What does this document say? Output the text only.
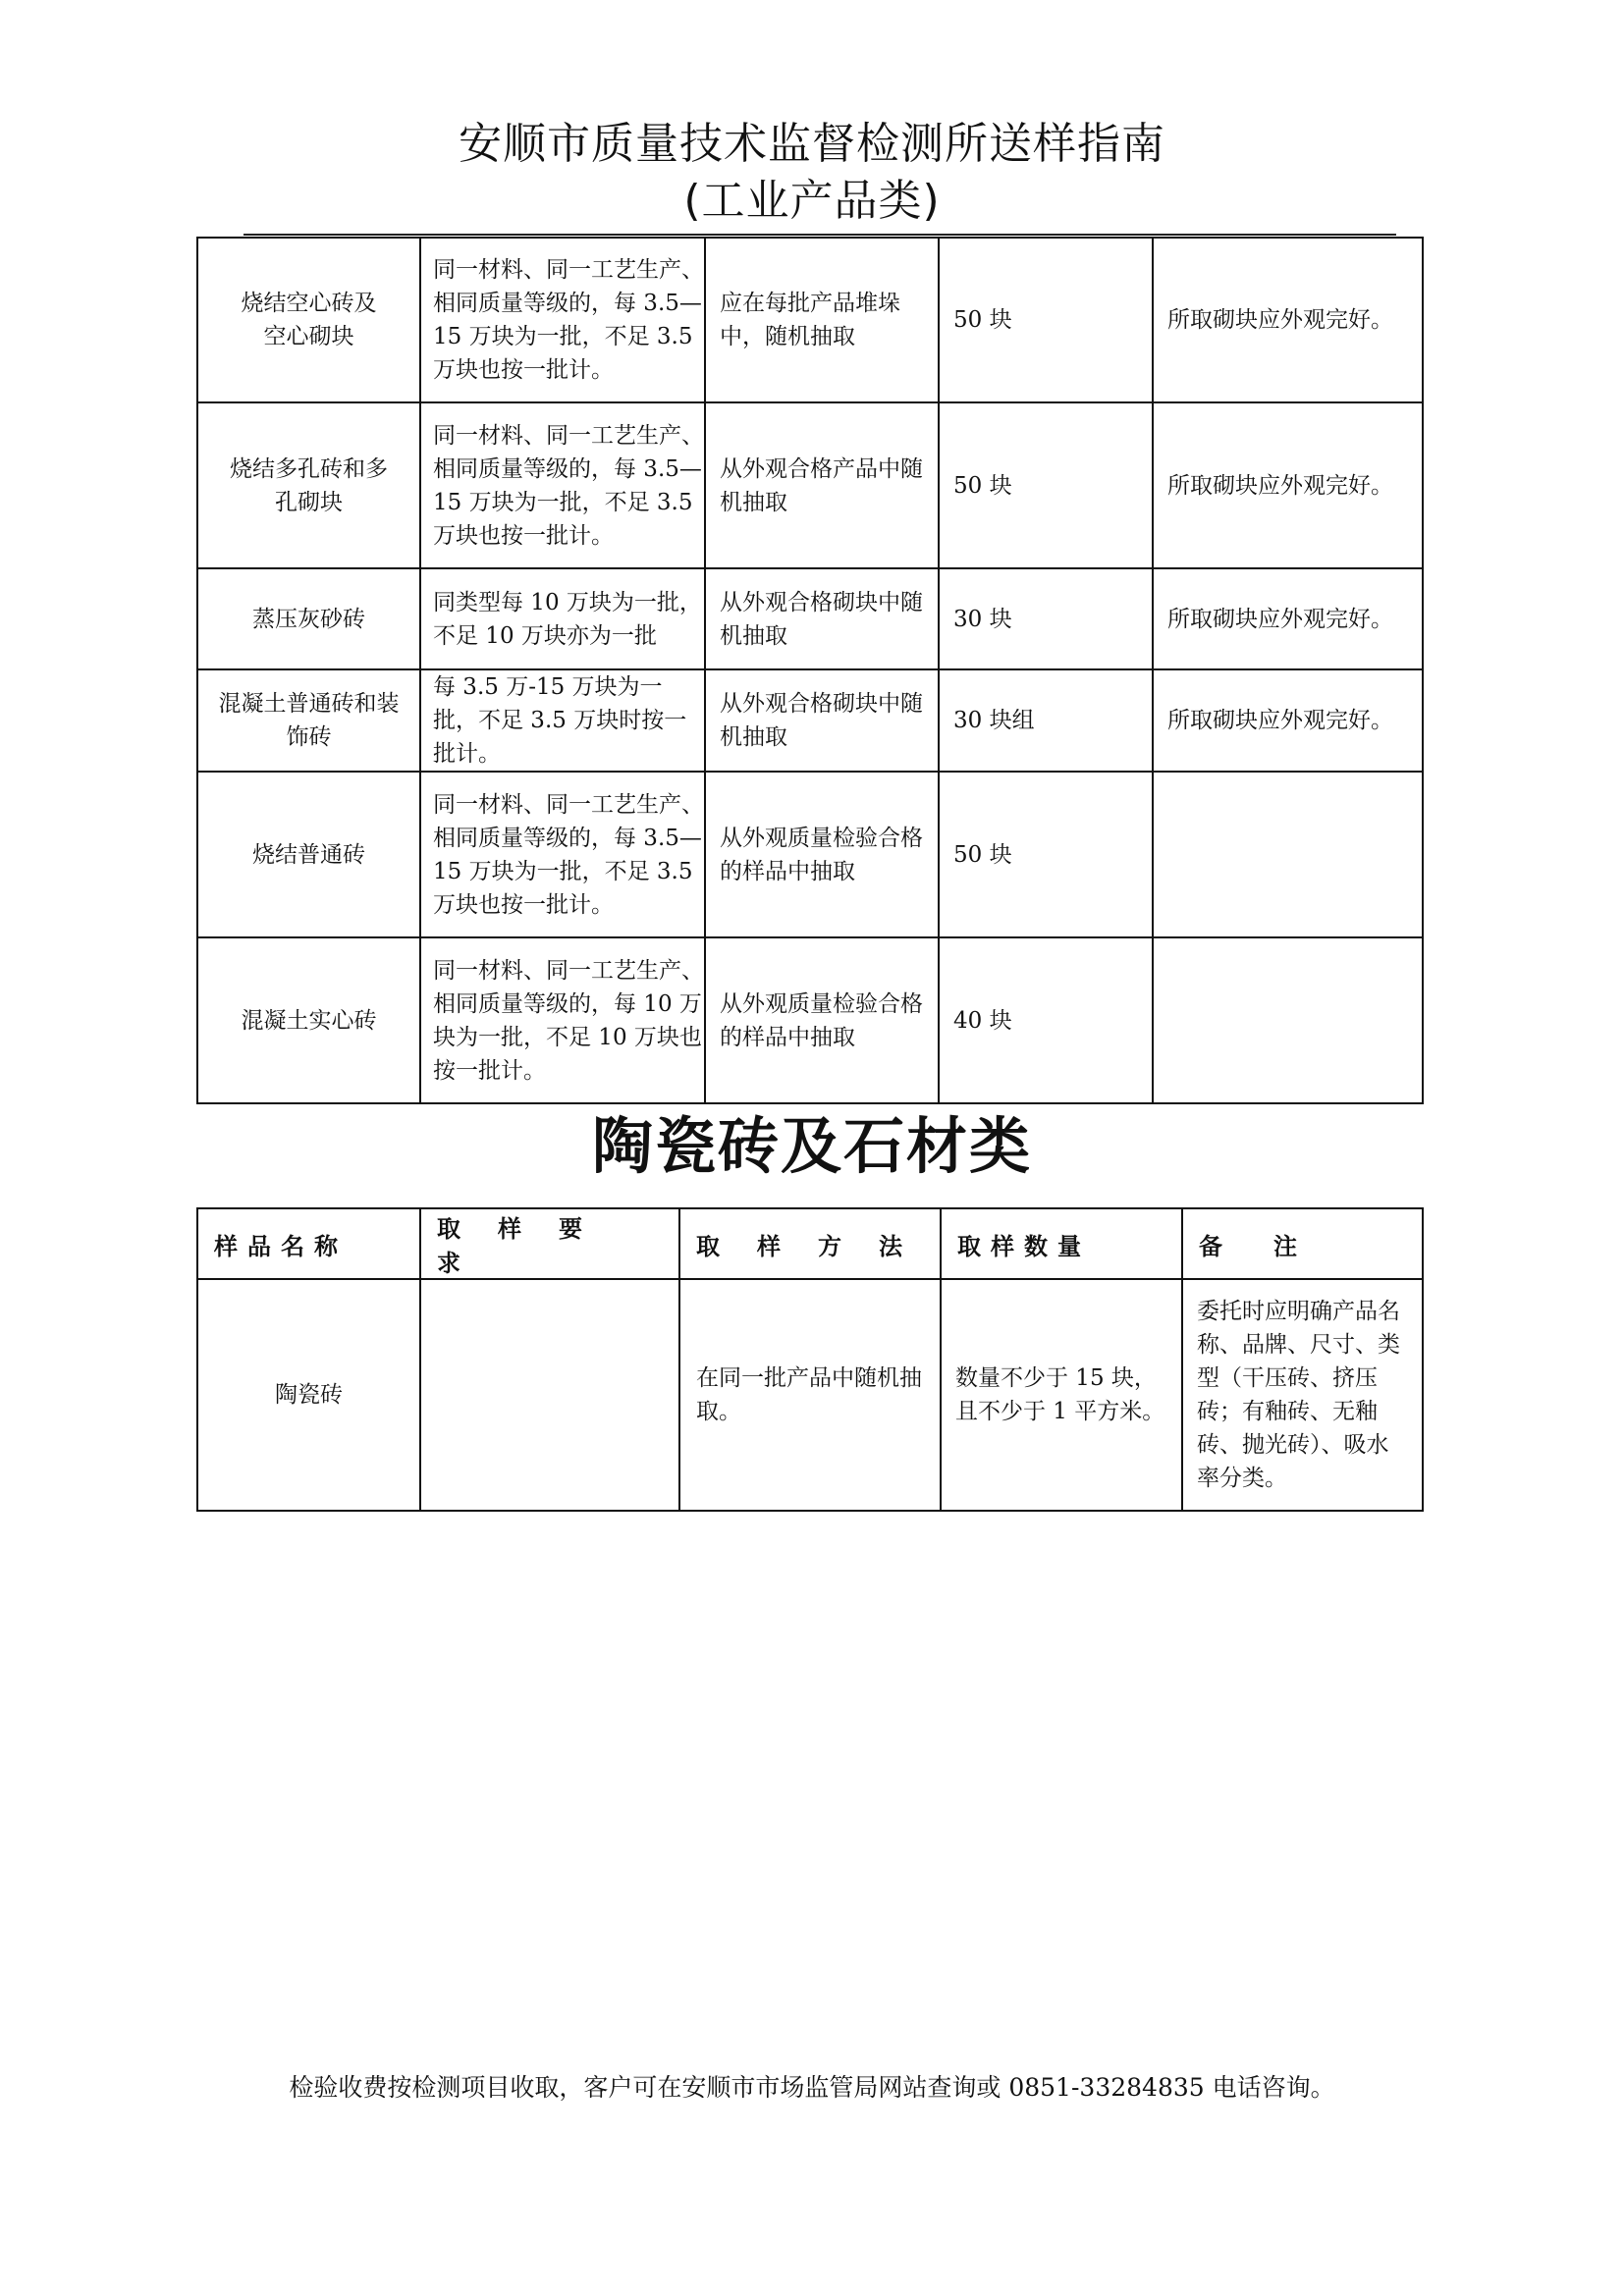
安顺市质量技术监督检测所送样指南
(工业产品类)
烧结空心砖及空心砌块	同一材料、同一工艺生产、相同质量等级的，每 3.5—15 万块为一批，不足 3.5 万块也按一批计。	应在每批产品堆垛中，随机抽取	50 块	所取砌块应外观完好。
烧结多孔砖和多孔砌块	同一材料、同一工艺生产、相同质量等级的，每 3.5—15 万块为一批，不足 3.5 万块也按一批计。	从外观合格产品中随机抽取	50 块	所取砌块应外观完好。
蒸压灰砂砖	同类型每 10 万块为一批，不足 10 万块亦为一批	从外观合格砌块中随机抽取	30 块	所取砌块应外观完好。
混凝土普通砖和装饰砖	每 3.5 万-15 万块为一批，不足 3.5 万块时按一批计。	从外观合格砌块中随机抽取	30 块组	所取砌块应外观完好。
烧结普通砖	同一材料、同一工艺生产、相同质量等级的，每 3.5—15 万块为一批，不足 3.5 万块也按一批计。	从外观质量检验合格的样品中抽取	50 块	
混凝土实心砖	同一材料、同一工艺生产、相同质量等级的，每 10 万块为一批，不足 10 万块也按一批计。	从外观质量检验合格的样品中抽取	40 块	
陶瓷砖及石材类
样品名称	取样要求	取样方法	取样数量	备注
陶瓷砖		在同一批产品中随机抽取。	数量不少于 15 块，且不少于 1 平方米。	委托时应明确产品名称、品牌、尺寸、类型（干压砖、挤压砖；有釉砖、无釉砖、抛光砖）、吸水率分类。
检验收费按检测项目收取，客户可在安顺市市场监管局网站查询或 0851-33284835 电话咨询。
